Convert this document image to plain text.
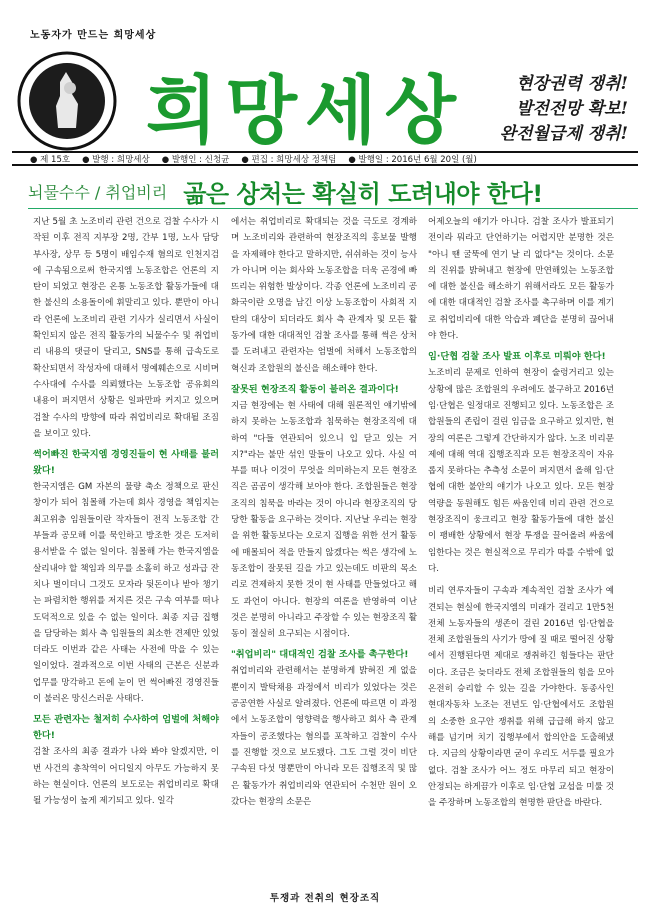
노동자가 만드는 희망세상
희망세상	현장권력 쟁취!
발전전망 확보!
완전월급제 쟁취!
● 제 15호 ● 발행 : 희망세상 ● 발행인 : 신청균 ● 편집 : 희망세상 정책팀 ● 발행일 : 2016년 6월 20일 (월)
뇌물수수 / 취업비리 곪은 상처는 확실히 도려내야 한다!

지난 5월 초 노조비리 관련 건으로 검찰 수사가 시작된 이후 전직 지부장 2명, 간부 1명, 노사 담당 부사장, 상무 등 5명이 배임수재 혐의로 인천지검에 구속됨으로써 한국지엠 노동조합은 언론의 지탄이 되었고 현장은 온통 노동조합 활동가들에 대한 불신의 소용돌이에 휘말리고 있다. 뿐만이 아니라 언론에 노조비리 관련 기사가 실리면서 사실이 확인되지 않은 전직 활동가의 뇌물수수 및 취업비리 내용의 댓글이 달리고, SNS를 통해 급속도로 확산되면서 작성자에 대해서 명예훼손으로 시비며 수사대에 수사를 의뢰했다는 노동조합 공유회의 내용이 퍼지면서 상황은 일파만파 커지고 있으며 검찰 수사의 방향에 따라 취업비리로 확대될 조짐을 보이고 있다.

썩어빠진 한국지엠 경영진들이 현 사태를 불러왔다!

한국지엠은 GM 자본의 물량 축소 정책으로 판신창이가 되어 침몰해 가는데 회사 경영을 책임지는 최고위층 임원들이란 작자들이 전직 노동조합 간부들과 공모해 이를 묵인하고 방조한 것은 도저히 용서받을 수 없는 일이다. 침몰해 가는 한국지엠을 살리내야 할 책임과 의무를 소홀히 하고 성과급 잔치나 벌이더니 그것도 모자라 뒷돈이나 받아 챙기는 파렴치한 행위를 저지른 것은 구속 여부를 떠나 도덕적으로 있을 수 없는 일이다. 최종 지금 집행을 담당하는 회사 측 임원들의 최소한 견제만 있었더라도 이번과 같은 사태는 사전에 막을 수 있는 일이었다. 결과적으로 이번 사태의 근본은 신분과 업무를 망각하고 돈에 눈이 먼 썩어빠진 경영진들이 불러온 망신스러운 사태다.

모든 관련자는 철저히 수사하여 엄벌에 처해야 한다!

검찰 조사의 최종 결과가 나와 봐야 알겠지만, 이번 사건의 총착역이 어디일지 아무도 가능하지 못하는 현실이다. 언론의 보도로는 취업비리로 확대될 가능성이 높게 제기되고 있다. 일각

에서는 취업비리로 확대되는 것을 극도로 경계하며 노조비리와 관련하여 현장조직의 홍보물 발행을 자제해야 한다고 말하지만, 쉬쉬하는 것이 능사가 아니며 이는 회사와 노동조합을 더욱 곤경에 빠뜨리는 위험한 발상이다. 각종 언론에 노조비리 공화국이란 오명을 남긴 이상 노동조합이 사회적 지탄의 대상이 되더라도 회사 측 관계자 및 모든 활동가에 대한 대대적인 검찰 조사를 통해 썩은 상처를 도려내고 관련자는 엄벌에 처해서 노동조합의 혁신과 조합원의 불신을 해소해야 한다.

잘못된 현장조직 활동이 불러온 결과이다!

지금 현장에는 현 사태에 대해 원론적인 얘기밖에 하지 못하는 노동조합과 침묵하는 현장조직에 대하여 "다들 연관되어 있으니 입 닫고 있는 거지?"라는 불만 섞인 말들이 나오고 있다. 사실 여부를 떠나 이것이 무엇을 의미하는지 모든 현장조직은 곰곰이 생각해 보아야 한다. 조합원들은 현장조직의 침묵을 바라는 것이 아니라 현장조직의 당당한 활동을 요구하는 것이다. 지난날 우리는 현장을 위한 활동보다는 오로지 집행을 위한 선거 활동에 매몰되어 적을 만들지 않겠다는 썩은 생각에 노동조합이 잘못된 길을 가고 있는데도 비판의 목소리로 견제하지 못한 것이 현 사태를 만들었다고 해도 과언이 아니다. 현장의 여론을 반영하여 이난 것은 분명히 아니라고 주장할 수 있는 현장조직 활동이 절실히 요구되는 시점이다.

"취업비리" 대대적인 검찰 조사를 촉구한다!

취업비리와 관련해서는 분명하게 밝혀진 게 없을 뿐이지 발탁채용 과정에서 비리가 있었다는 것은 공공연한 사실로 알려졌다. 언론에 따르면 이 과정에서 노동조합이 영향력을 행사하고 회사 측 관계자들이 공조했다는 혐의를 포착하고 검찰이 수사를 진행할 것으로 보도됐다. 그도 그럴 것이 비단 구속된 다섯 명뿐만이 아니라 모든 집행조직 및 많은 활동가가 취업비리와 연관되어 수천만 원이 오갔다는 현장의 소문은

어제오늘의 얘기가 아니다. 검찰 조사가 발표되기 전이라 뭐라고 단언하기는 어렵지만 분명한 것은 "아니 땐 굴뚝에 연기 날 리 없다"는 것이다. 소문의 진위를 밝혀내고 현장에 만연해있는 노동조합에 대한 불신을 해소하기 위해서라도 모든 활동가에 대한 대대적인 검찰 조사를 촉구하며 이를 계기로 취업비리에 대한 악습과 폐단을 분명히 끊어내야 한다.

임·단협 검찰 조사 발표 이후로 미뤄야 한다!

노조비리 문제로 인하여 현장이 술렁거리고 있는 상황에 많은 조합원의 우려에도 불구하고 2016년 임·단협은 일정대로 진행되고 있다. 노동조합은 조합원들의 존립이 걸린 임금을 요구하고 있지만, 현장의 여론은 그렇게 간단하지가 않다. 노조 비리문제에 대해 역대 집행조직과 모든 현장조직이 자유롭지 못하다는 추측성 소문이 퍼지면서 올해 임·단협에 대한 불안의 얘기가 나오고 있다. 모든 현장 역량을 동원해도 힘든 싸움인데 비리 관련 건으로 현장조직이 웅크리고 현장 활동가들에 대한 불신이 팽배한 상황에서 현장 투쟁을 끌어올려 싸움에 임한다는 것은 현실적으로 무리가 따를 수밖에 없다.

비리 연루자들이 구속과 계속적인 검찰 조사가 예견되는 현실에 한국지엠의 미래가 걸리고 1만5천 전체 노동자들의 생존이 걸린 2016년 임·단협을 전체 조합원들의 사기가 땅에 질 때로 떨어진 상황에서 진행된다면 제대로 쟁취하긴 힘들다는 판단이다. 조금은 늦더라도 전체 조합원들의 힘을 모아 온전히 승리할 수 있는 길을 가야한다. 동종사인 현대자동차 노조는 전년도 임·단협에서도 조합원의 소중한 요구안 쟁취를 위해 급급해 하지 않고 해를 넘기며 치기 집행부에서 합의안을 도출해냈다. 지금의 상황이라면 굳이 우리도 서두를 필요가 없다. 검찰 조사가 어느 정도 마무리 되고 현장이 안정되는 하게끔가 이후로 임·단협 교섭을 미룰 것을 주장하며 노동조합의 현명한 판단을 바란다.

투쟁과 전취의 현장조직
